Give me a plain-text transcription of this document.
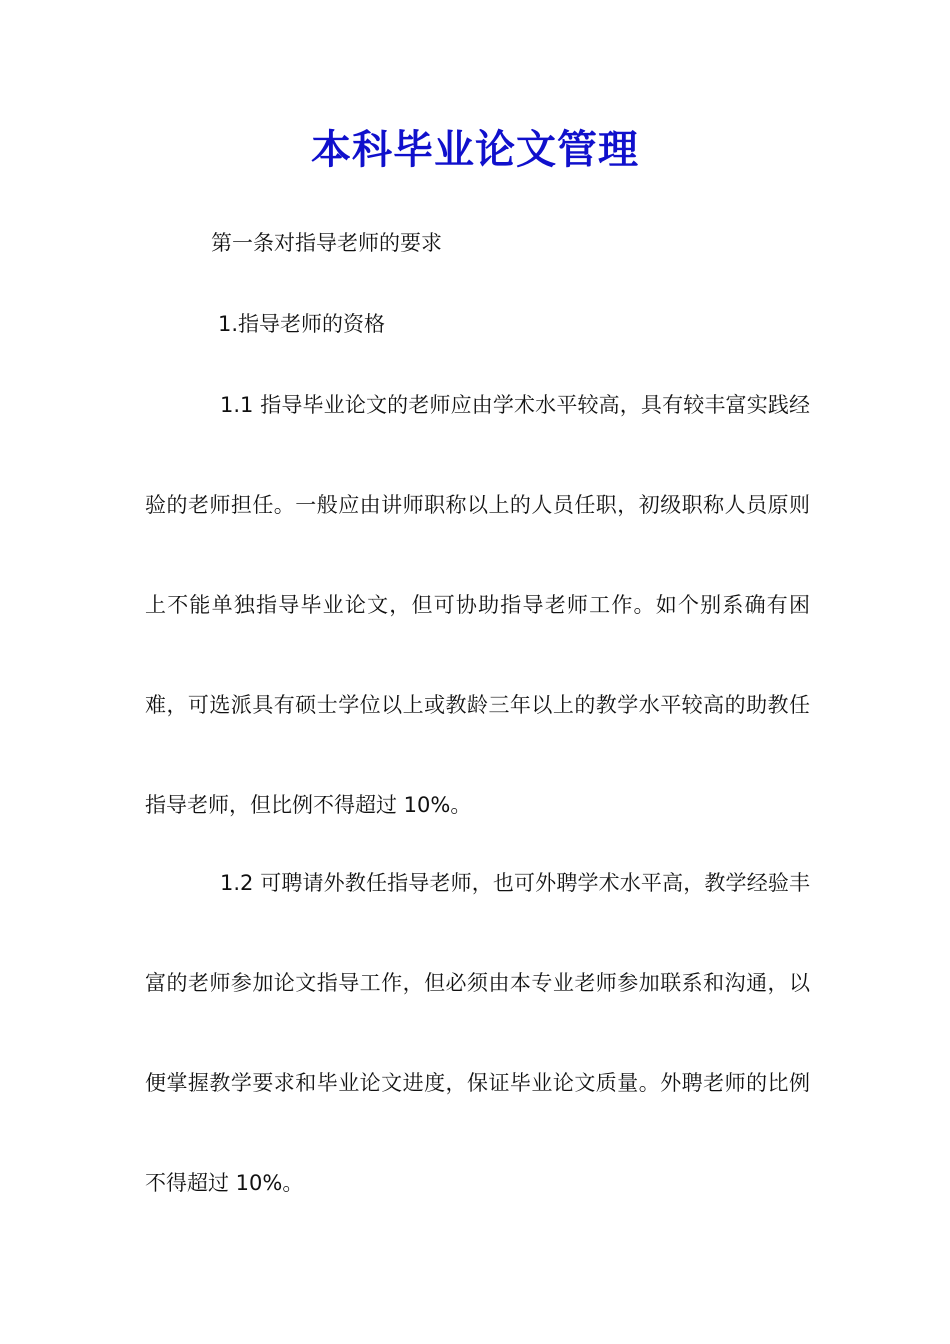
本科毕业论文管理
第一条对指导老师的要求
1.指导老师的资格

1.1 指导毕业论文的老师应由学术水平较高，具有较丰富实践经验的老师担任。一般应由讲师职称以上的人员任职，初级职称人员原则上不能单独指导毕业论文，但可协助指导老师工作。如个别系确有困难，可选派具有硕士学位以上或教龄三年以上的教学水平较高的助教任指导老师，但比例不得超过 10%。

1.2 可聘请外教任指导老师，也可外聘学术水平高，教学经验丰富的老师参加论文指导工作，但必须由本专业老师参加联系和沟通，以便掌握教学要求和毕业论文进度，保证毕业论文质量。外聘老师的比例不得超过 10%。
